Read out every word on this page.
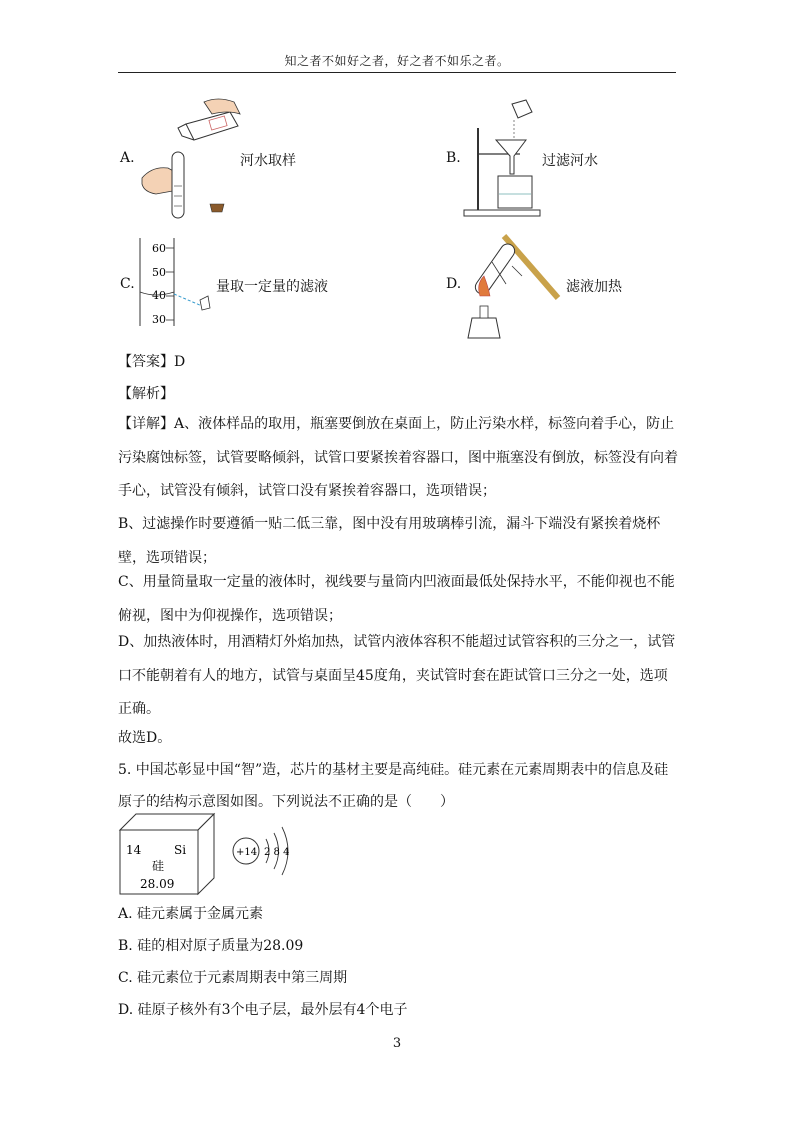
知之者不如好之者，好之者不如乐之者。
A.	河水取样	B.	过滤河水
C.
60
50
40
30
量取一定量的滤液	D.	滤液加热
【答案】D
【解析】
【详解】A、液体样品的取用，瓶塞要倒放在桌面上，防止污染水样，标签向着手心，防止污染腐蚀标签，试管要略倾斜，试管口要紧挨着容器口，图中瓶塞没有倒放，标签没有向着手心，试管没有倾斜，试管口没有紧挨着容器口，选项错误；
B、过滤操作时要遵循一贴二低三靠，图中没有用玻璃棒引流，漏斗下端没有紧挨着烧杯壁，选项错误；
C、用量筒量取一定量的液体时，视线要与量筒内凹液面最低处保持水平，不能仰视也不能俯视，图中为仰视操作，选项错误；
D、加热液体时，用酒精灯外焰加热，试管内液体容积不能超过试管容积的三分之一，试管口不能朝着有人的地方，试管与桌面呈45度角，夹试管时套在距试管口三分之一处，选项正确。
故选D。
5. 中国芯彰显中国“智”造，芯片的基材主要是高纯硅。硅元素在元素周期表中的信息及硅
原子的结构示意图如图。下列说法不正确的是（　　）
14	Si
硅
28.09
+14 2 8 4
A. 硅元素属于金属元素
B. 硅的相对原子质量为28.09
C. 硅元素位于元素周期表中第三周期
D. 硅原子核外有3个电子层，最外层有4个电子
3
